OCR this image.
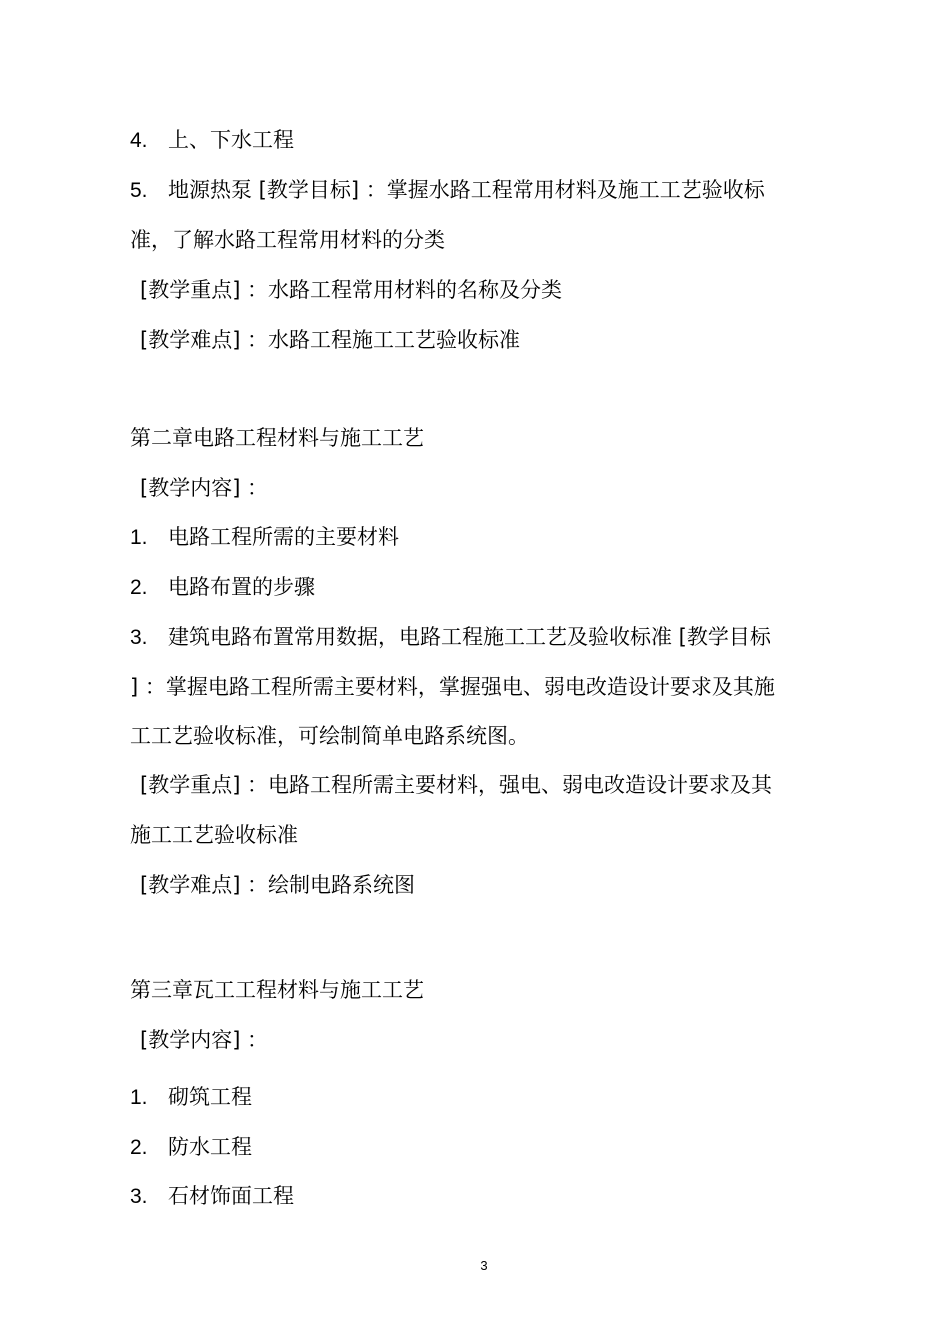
4. 上、下水工程
5. 地源热泵 [教学目标] ：掌握水路工程常用材料及施工工艺验收标
准，了解水路工程常用材料的分类
[教学重点] ：水路工程常用材料的名称及分类
[教学难点] ：水路工程施工工艺验收标准
第二章电路工程材料与施工工艺
[教学内容] ：
1. 电路工程所需的主要材料
2. 电路布置的步骤
3. 建筑电路布置常用数据，电路工程施工工艺及验收标准 [教学目标
] ：掌握电路工程所需主要材料，掌握强电、弱电改造设计要求及其施
工工艺验收标准，可绘制简单电路系统图。
[教学重点] ：电路工程所需主要材料，强电、弱电改造设计要求及其
施工工艺验收标准
[教学难点] ：绘制电路系统图
第三章瓦工工程材料与施工工艺
[教学内容] ：
1. 砌筑工程
2. 防水工程
3. 石材饰面工程
3
